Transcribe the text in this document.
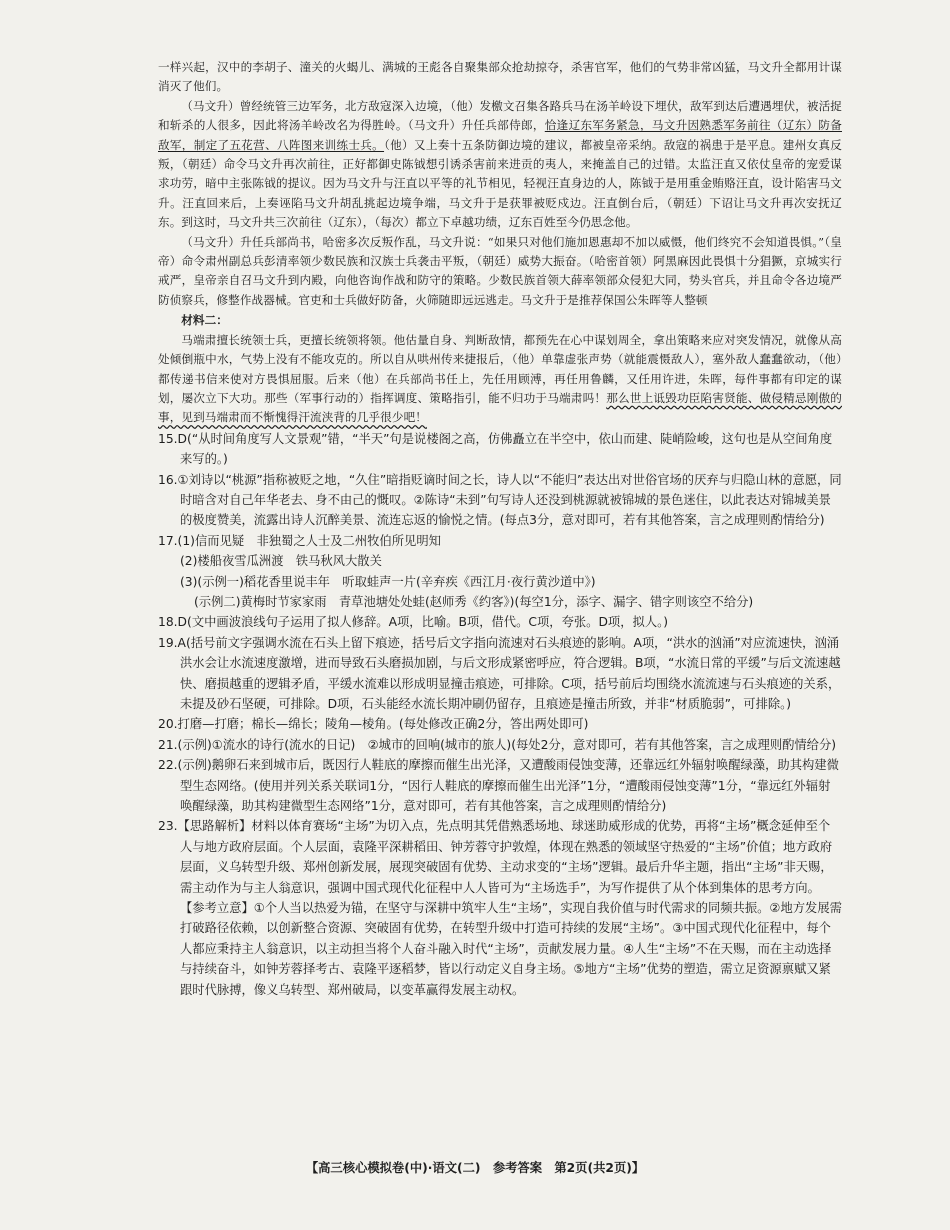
一样兴起，汉中的李胡子、潼关的火蝎儿、满城的王彪各自聚集部众抢劫掠夺，杀害官军，他们的气势非常凶猛，马文升全都用计谋消灭了他们。

（马文升）曾经统管三边军务，北方敌寇深入边境，（他）发檄文召集各路兵马在汤羊岭设下埋伏，敌军到达后遭遇埋伏，被活捉和斩杀的人很多，因此将汤羊岭改名为得胜岭。（马文升）升任兵部侍郎，恰逢辽东军务紧急，马文升因熟悉军务前往（辽东）防备敌军，制定了五花营、八阵图来训练士兵。（他）又上奏十五条防御边境的建议，都被皇帝采纳。敌寇的祸患于是平息。建州女真反叛，（朝廷）命令马文升再次前往，正好都御史陈钺想引诱杀害前来进贡的夷人，来掩盖自己的过错。太监汪直又依仗皇帝的宠爱谋求功劳，暗中主张陈钺的提议。因为马文升与汪直以平等的礼节相见，轻视汪直身边的人，陈钺于是用重金贿赂汪直，设计陷害马文升。汪直回来后，上奏诬陷马文升胡乱挑起边境争端，马文升于是获罪被贬戍边。汪直倒台后，（朝廷）下诏让马文升再次安抚辽东。到这时，马文升共三次前往（辽东），（每次）都立下卓越功绩，辽东百姓至今仍思念他。

（马文升）升任兵部尚书，哈密多次反叛作乱，马文升说：“如果只对他们施加恩惠却不加以威慑，他们终究不会知道畏惧。”（皇帝）命令肃州副总兵彭清率领少数民族和汉族士兵袭击平叛，（朝廷）威势大振奋。（哈密首领）阿黑麻因此畏惧十分猖獗，京城实行戒严，皇帝亲自召马文升到内殿，向他咨询作战和防守的策略。少数民族首领大薛率领部众侵犯大同，势头官兵，并且命令各边境严防侦察兵，修整作战器械。官吏和士兵做好防备，火筛随即远远逃走。马文升于是推荐保国公朱晖等人整顿

材料二：

马端肃擅长统领士兵，更擅长统领将领。他估量自身、判断敌情，都预先在心中谋划周全，拿出策略来应对突发情况，就像从高处倾倒瓶中水，气势上没有不能攻克的。所以自从哄州传来捷报后，（他）单靠虚张声势（就能震慑敌人），塞外敌人蠢蠢欲动，（他）都传递书信来使对方畏惧屈服。后来（他）在兵部尚书任上，先任用顾溥，再任用鲁麟，又任用许进，朱晖，每件事都有印定的谋划，屡次立下大功。那些（军事行动的）指挥调度、策略指引，能不归功于马端肃吗！那么世上诋毁功臣陷害贤能、做侵精忌刚傲的事，见到马端肃而不惭愧得汗流浃背的几乎很少吧！

15.D(“从时间角度写人文景观”错，“半天”句是说楼阁之高，仿佛矗立在半空中，依山而建、陡峭险峻，这句也是从空间角度来写的。)

16.①刘诗以“桃源”指称被贬之地，“久住”暗指贬谪时间之长，诗人以“不能归”表达出对世俗官场的厌弃与归隐山林的意愿，同时暗含对自己年华老去、身不由己的慨叹。②陈诗“未到”句写诗人还没到桃源就被锦城的景色迷住，以此表达对锦城美景的极度赞美，流露出诗人沉醉美景、流连忘返的愉悦之情。(每点3分，意对即可，若有其他答案，言之成理则酌情给分)

17.(1)信而见疑　非独蜀之人士及二州牧伯所见明知

(2)楼船夜雪瓜洲渡　铁马秋风大散关

(3)(示例一)稻花香里说丰年　听取蛙声一片(辛弃疾《西江月·夜行黄沙道中》)

(示例二)黄梅时节家家雨　青草池塘处处蛙(赵师秀《约客》)(每空1分，添字、漏字、错字则该空不给分)

18.D(文中画波浪线句子运用了拟人修辞。A项，比喻。B项，借代。C项，夸张。D项，拟人。)

19.A(括号前文字强调水流在石头上留下痕迹，括号后文字指向流速对石头痕迹的影响。A项，“洪水的汹涌”对应流速快，汹涌洪水会让水流速度激增，进而导致石头磨损加剧，与后文形成紧密呼应，符合逻辑。B项，“水流日常的平缓”与后文流速越快、磨损越重的逻辑矛盾，平缓水流难以形成明显撞击痕迹，可排除。C项，括号前后均围绕水流流速与石头痕迹的关系，未提及砂石坚硬，可排除。D项，石头能经水流长期冲刷仍留存，且痕迹是撞击所致，并非“材质脆弱”，可排除。)

20.打磨—打磨；棉长—绵长；陵角—棱角。(每处修改正确2分，答出两处即可)

21.(示例)①流水的诗行(流水的日记)　②城市的回响(城市的旅人)(每处2分，意对即可，若有其他答案，言之成理则酌情给分)

22.(示例)鹅卵石来到城市后，既因行人鞋底的摩擦而催生出光泽，又遭酸雨侵蚀变薄，还靠远红外辐射唤醒绿藻，助其构建微型生态网络。(使用并列关系关联词1分，“因行人鞋底的摩擦而催生出光泽”1分，“遭酸雨侵蚀变薄”1分，“靠远红外辐射唤醒绿藻，助其构建微型生态网络”1分，意对即可，若有其他答案，言之成理则酌情给分)

23.【思路解析】材料以体育赛场“主场”为切入点，先点明其凭借熟悉场地、球迷助威形成的优势，再将“主场”概念延伸至个人与地方政府层面。个人层面，袁隆平深耕稻田、钟芳蓉守护敦煌，体现在熟悉的领域坚守热爱的“主场”价值；地方政府层面，义乌转型升级、郑州创新发展，展现突破固有优势、主动求变的“主场”逻辑。最后升华主题，指出“主场”非天赐，需主动作为与主人翁意识，强调中国式现代化征程中人人皆可为“主场选手”，为写作提供了从个体到集体的思考方向。

【参考立意】①个人当以热爱为锚，在坚守与深耕中筑牢人生“主场”，实现自我价值与时代需求的同频共振。②地方发展需打破路径依赖，以创新整合资源、突破固有优势，在转型升级中打造可持续的发展“主场”。③中国式现代化征程中，每个人都应秉持主人翁意识，以主动担当将个人奋斗融入时代“主场”，贡献发展力量。④人生“主场”不在天赐，而在主动选择与持续奋斗，如钟芳蓉择考古、袁隆平逐稻梦，皆以行动定义自身主场。⑤地方“主场”优势的塑造，需立足资源禀赋又紧跟时代脉搏，像义乌转型、郑州破局，以变革赢得发展主动权。

【高三核心模拟卷(中)·语文(二)　参考答案　第2页(共2页)】
